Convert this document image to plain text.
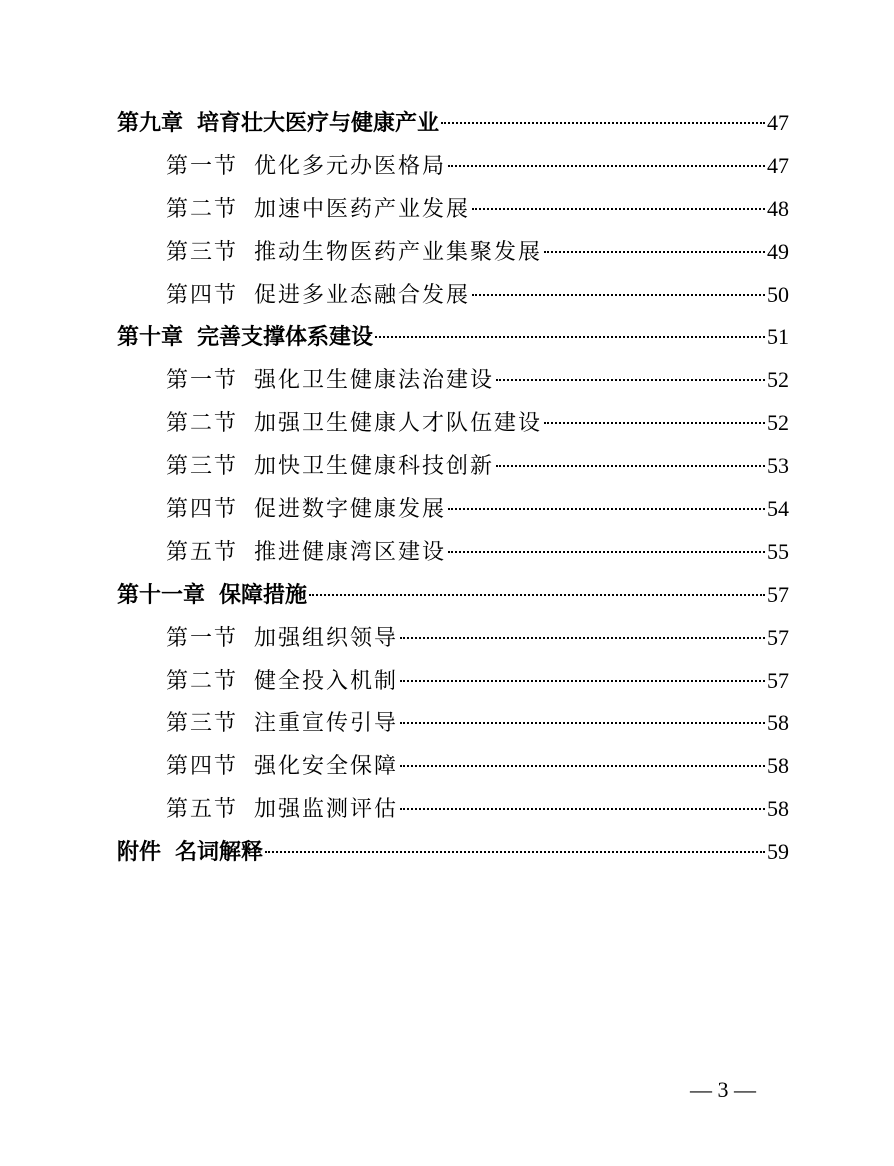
第九章 培育壮大医疗与健康产业	47
第一节 优化多元办医格局	47
第二节 加速中医药产业发展	48
第三节 推动生物医药产业集聚发展	49
第四节 促进多业态融合发展	50
第十章 完善支撑体系建设	51
第一节 强化卫生健康法治建设	52
第二节 加强卫生健康人才队伍建设	52
第三节 加快卫生健康科技创新	53
第四节 促进数字健康发展	54
第五节 推进健康湾区建设	55
第十一章 保障措施	57
第一节 加强组织领导	57
第二节 健全投入机制	57
第三节 注重宣传引导	58
第四节 强化安全保障	58
第五节 加强监测评估	58
附件 名词解释	59
— 3 —
